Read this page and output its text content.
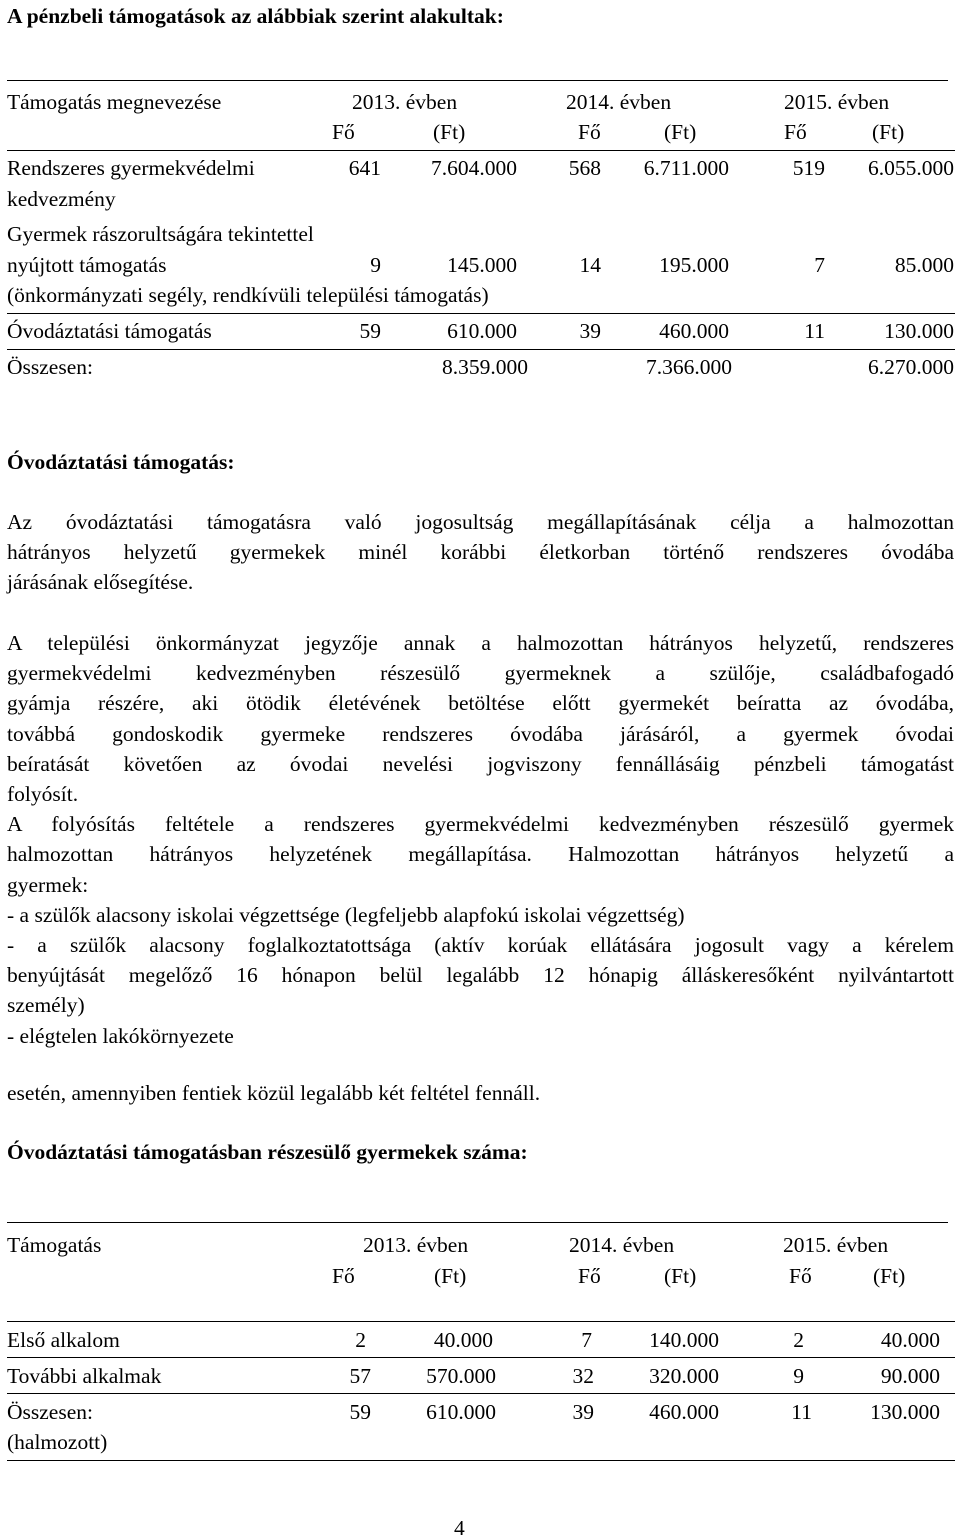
A pénzbeli támogatások az alábbiak szerint alakultak:
Támogatás megnevezése	2013. évben	2014. évben	2015. évben
Fő	(Ft)	Fő	(Ft)	Fő	(Ft)
Rendszeres gyermekvédelmi
kedvezmény
641 7.604.000 568 6.711.000	519 6.055.000
Gyermek rászorultságára tekintettel
nyújtott támogatás
(önkormányzati segély, rendkívüli települési támogatás)
9	145.000	14	195.000	7	85.000
Óvodáztatási támogatás	59	610.000	39	460.000	11	130.000
Összesen:	8.359.000	7.366.000	6.270.000
Óvodáztatási támogatás:
Az óvodáztatási támogatásra való jogosultság megállapításának célja a halmozottan
hátrányos helyzetű gyermekek minél korábbi életkorban történő rendszeres óvodába
járásának elősegítése.
A települési önkormányzat jegyzője annak a halmozottan hátrányos helyzetű, rendszeres
gyermekvédelmi kedvezményben részesülő gyermeknek a szülője, családbafogadó
gyámja részére, aki ötödik életévének betöltése előtt gyermekét beíratta az óvodába,
továbbá gondoskodik gyermeke rendszeres óvodába járásáról, a gyermek óvodai
beíratását követően az óvodai nevelési jogviszony fennállásáig pénzbeli támogatást
folyósít.
A folyósítás feltétele a rendszeres gyermekvédelmi kedvezményben részesülő gyermek
halmozottan hátrányos helyzetének megállapítása. Halmozottan hátrányos helyzetű a
gyermek:
- a szülők alacsony iskolai végzettsége (legfeljebb alapfokú iskolai végzettség)
- a szülők alacsony foglalkoztatottsága (aktív korúak ellátására jogosult vagy a kérelem
benyújtását megelőző 16 hónapon belül legalább 12 hónapig álláskeresőként nyilvántartott
személy)
- elégtelen lakókörnyezete
esetén, amennyiben fentiek közül legalább két feltétel fennáll.
Óvodáztatási támogatásban részesülő gyermekek száma:
Támogatás	2013. évben	2014. évben	2015. évben
Fő	(Ft)	Fő	(Ft)	Fő	(Ft)
Első alkalom	2	40.000	7	140.000	2	40.000
További alkalmak	57	570.000	32	320.000	9	90.000
Összesen:
(halmozott)
59	610.000	39	460.000	11	130.000
4
